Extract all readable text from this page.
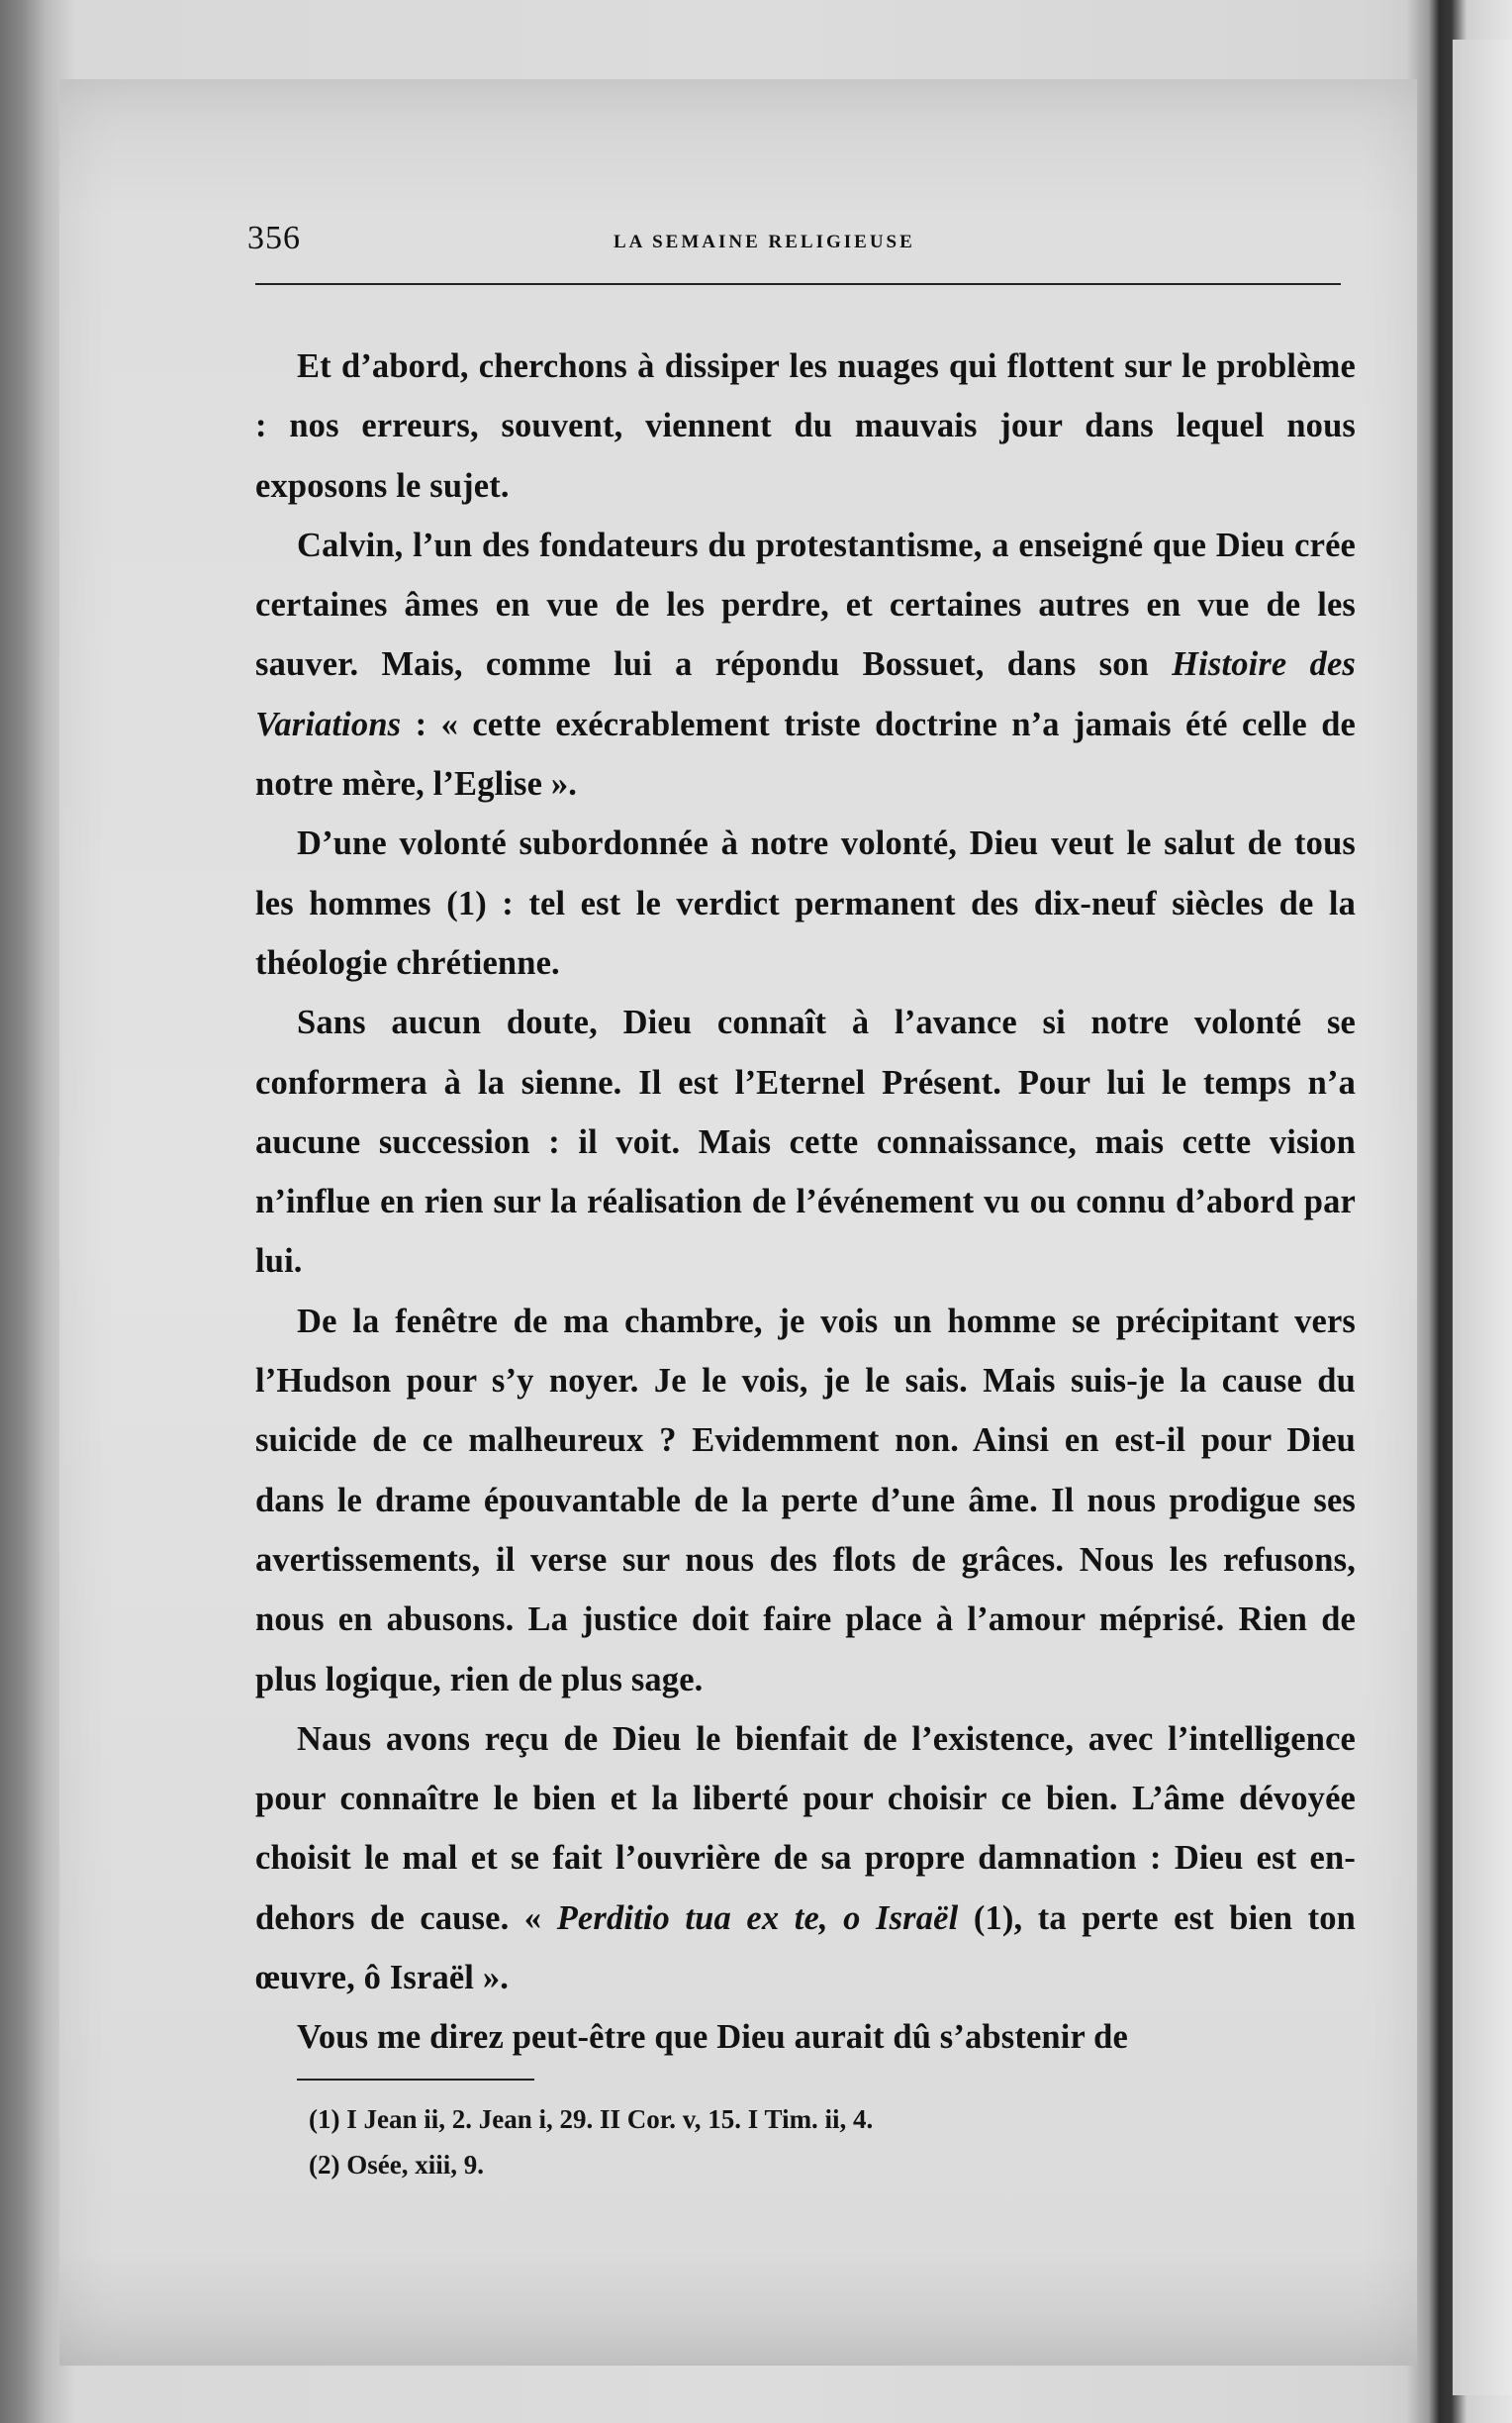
356	LA SEMAINE RELIGIEUSE

Et d’abord, cherchons à dissiper les nuages qui flottent sur le problème : nos erreurs, souvent, viennent du mauvais jour dans lequel nous exposons le sujet.

Calvin, l’un des fondateurs du protestantisme, a enseigné que Dieu crée certaines âmes en vue de les perdre, et certaines autres en vue de les sauver. Mais, comme lui a répondu Bossuet, dans son Histoire des Variations : « cette exécrablement triste doctrine n’a jamais été celle de notre mère, l’Eglise ».

D’une volonté subordonnée à notre volonté, Dieu veut le salut de tous les hommes (1) : tel est le verdict permanent des dix-neuf siècles de la théologie chrétienne.

Sans aucun doute, Dieu connaît à l’avance si notre volonté se conformera à la sienne. Il est l’Eternel Présent. Pour lui le temps n’a aucune succession : il voit. Mais cette connaissance, mais cette vision n’influe en rien sur la réalisation de l’événement vu ou connu d’abord par lui.

De la fenêtre de ma chambre, je vois un homme se précipitant vers l’Hudson pour s’y noyer. Je le vois, je le sais. Mais suis-je la cause du suicide de ce malheureux ? Evidemment non. Ainsi en est-il pour Dieu dans le drame épouvantable de la perte d’une âme. Il nous prodigue ses avertissements, il verse sur nous des flots de grâces. Nous les refusons, nous en abusons. La justice doit faire place à l’amour méprisé. Rien de plus logique, rien de plus sage.

Naus avons reçu de Dieu le bienfait de l’existence, avec l’intelligence pour connaître le bien et la liberté pour choisir ce bien. L’âme dévoyée choisit le mal et se fait l’ouvrière de sa propre damnation : Dieu est en-dehors de cause. « Perditio tua ex te, o Israël (1), ta perte est bien ton œuvre, ô Israël ».

Vous me direz peut-être que Dieu aurait dû s’abstenir de

(1) I Jean ii, 2. Jean i, 29. II Cor. v, 15. I Tim. ii, 4.

(2) Osée, xiii, 9.
